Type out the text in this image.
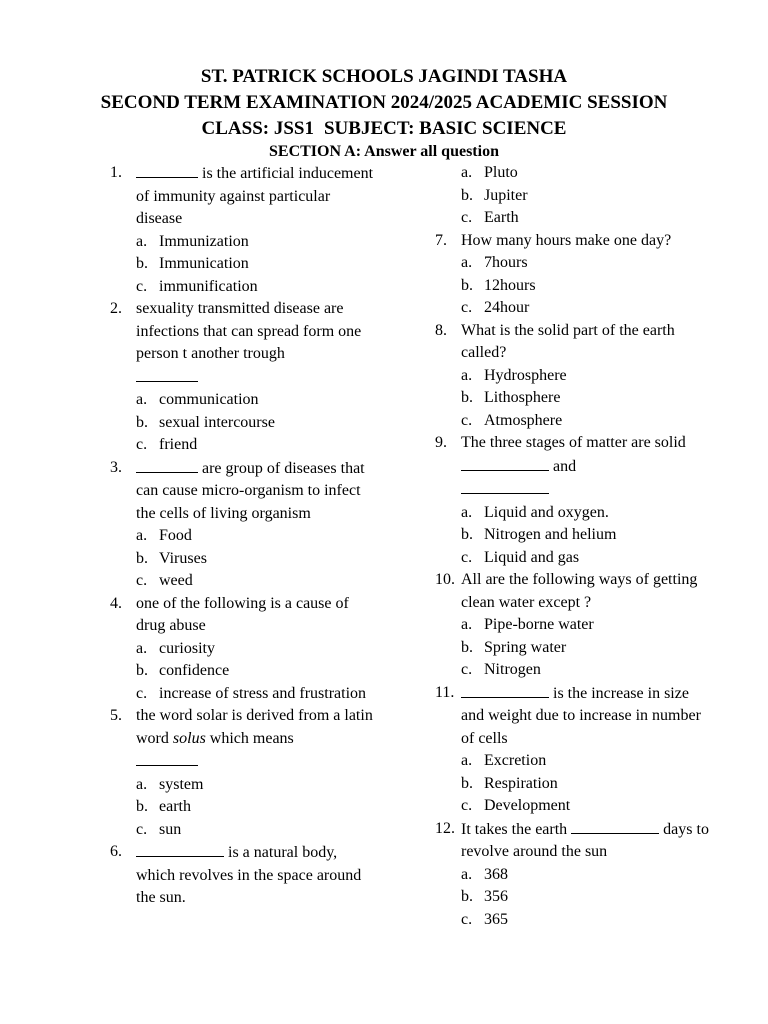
ST. PATRICK SCHOOLS JAGINDI TASHA
SECOND TERM EXAMINATION 2024/2025 ACADEMIC SESSION
CLASS: JSS1 SUBJECT: BASIC SCIENCE
SECTION A: Answer all question
1.	is the artificial inducement of immunity against particular disease
a. Immunization
b. Immunication
c. immunification
2. sexuality transmitted disease are infections that can spread form one person t another trough

a. communication
b. sexual intercourse
c. friend
3.	are group of diseases that can cause micro-organism to infect the cells of living organism
a. Food
b. Viruses
c. weed
4. one of the following is a cause of drug abuse
a. curiosity
b. confidence
c. increase of stress and frustration
5. the word solar is derived from a latin word solus which means

a. system
b. earth
c. sun
6.	is a natural body, which revolves in the space around the sun.
a. Pluto
b. Jupiter
c. Earth
7. How many hours make one day?
a. 7hours
b. 12hours
c. 24hour
8. What is the solid part of the earth called?
a. Hydrosphere
b. Lithosphere
c. Atmosphere
9. The three stages of matter are solid and

a. Liquid and oxygen.
b. Nitrogen and helium
c. Liquid and gas
10. All are the following ways of getting clean water except ?
a. Pipe-borne water
b. Spring water
c. Nitrogen
11.	is the increase in size and weight due to increase in number of cells
a. Excretion
b. Respiration
c. Development
12. It takes the earth	days to revolve around the sun
a. 368
b. 356
c. 365
